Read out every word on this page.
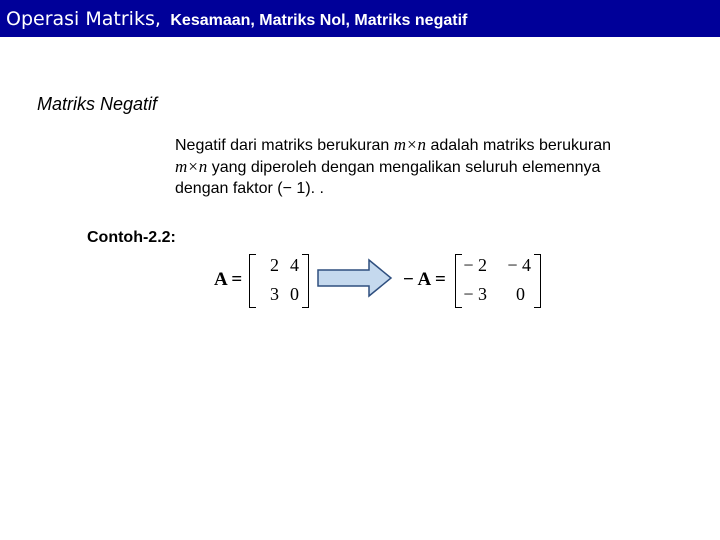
Operasi Matriks, Kesamaan, Matriks Nol, Matriks negatif
Matriks Negatif
Negatif dari matriks berukuran m×n adalah matriks berukuran
m×n yang diperoleh dengan mengalikan seluruh elemennya
dengan faktor (− 1). .
Contoh-2.2:
A =
2 4
3 0
− A =
− 2	− 4
− 3	0
